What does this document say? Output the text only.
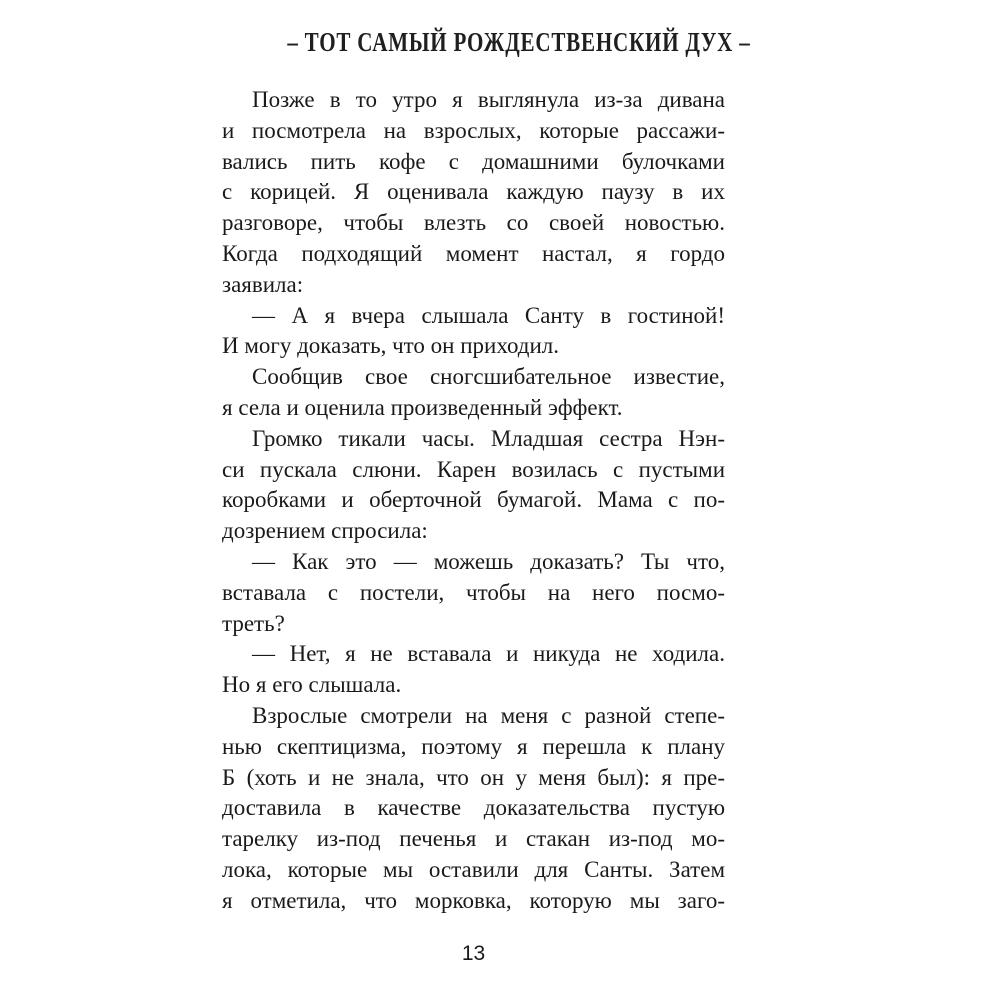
– ТОТ САМЫЙ РОЖДЕСТВЕНСКИЙ ДУХ –
Позже в то утро я выглянула из-за дивана
и посмотрела на взрослых, которые рассажи-
вались пить кофе с домашними булочками
с корицей. Я оценивала каждую паузу в их
разговоре, чтобы влезть со своей новостью.
Когда подходящий момент настал, я гордо
заявила:
— А я вчера слышала Санту в гостиной!
И могу доказать, что он приходил.
Сообщив свое сногсшибательное известие,
я села и оценила произведенный эффект.
Громко тикали часы. Младшая сестра Нэн-
си пускала слюни. Карен возилась с пустыми
коробками и оберточной бумагой. Мама с по-
дозрением спросила:
— Как это — можешь доказать? Ты что,
вставала с постели, чтобы на него посмо-
треть?
— Нет, я не вставала и никуда не ходила.
Но я его слышала.
Взрослые смотрели на меня с разной степе-
нью скептицизма, поэтому я перешла к плану
Б (хоть и не знала, что он у меня был): я пре-
доставила в качестве доказательства пустую
тарелку из-под печенья и стакан из-под мо-
лока, которые мы оставили для Санты. Затем
я отметила, что морковка, которую мы заго-
13
